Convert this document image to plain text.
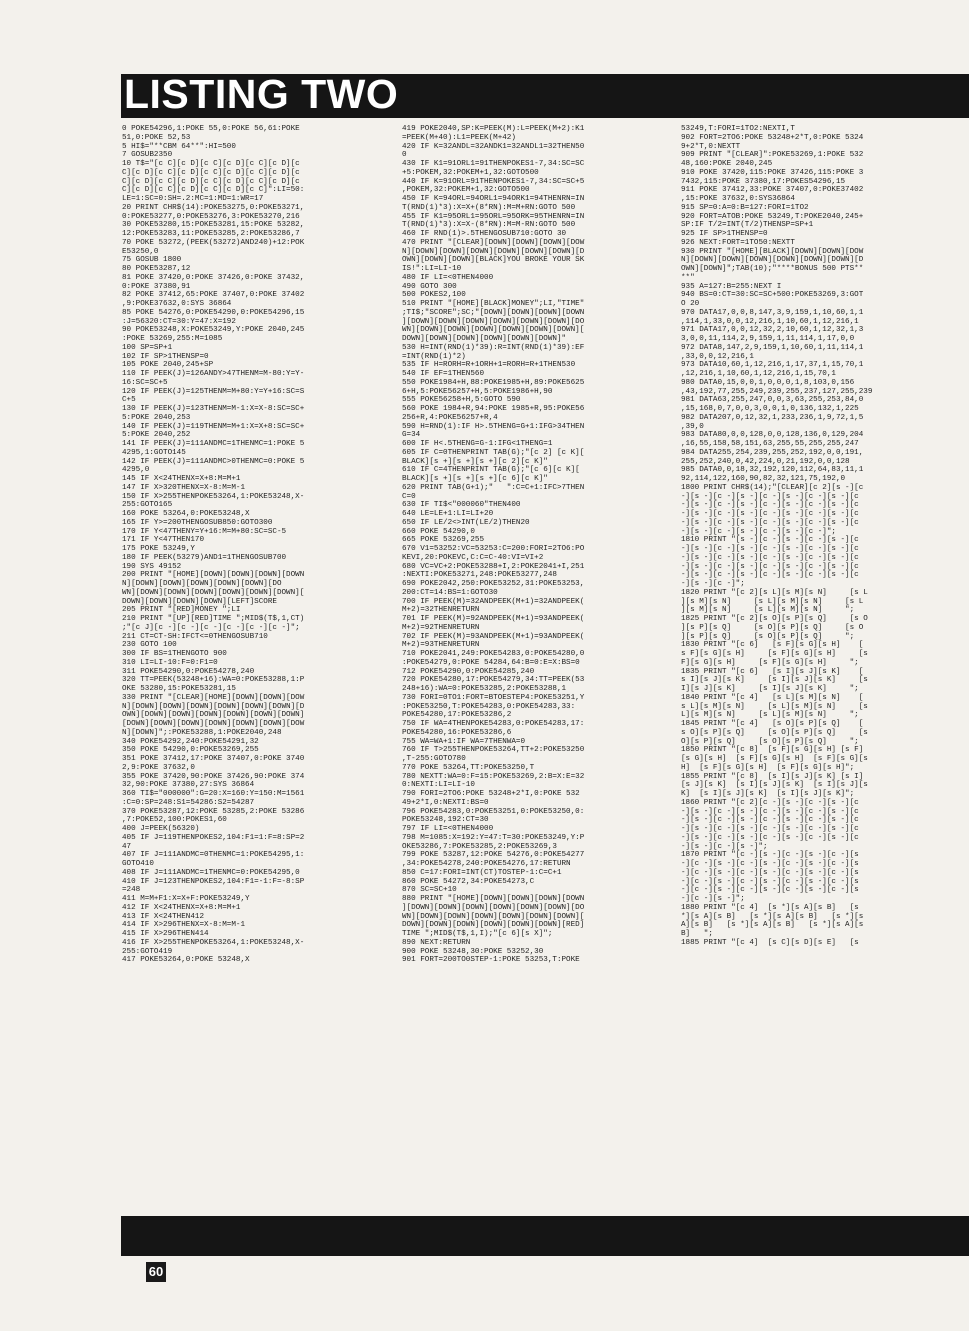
LISTING TWO
0 POKE54296,1:POKE 55,0:POKE 56,61:POKE
51,0:POKE 52,53
5 HI$="**CBM 64**":HI=500
7 GOSUB2350
10 T$="[c C][c D][c C][c D][c C][c D][c
C][c D][c C][c D][c C][c D][c C][c D][c
C][c D][c C][c D][c C][c D][c C][c D][c
C][c D][c C][c D][c C][c D][c C]":LI=50:
LE=1:SC=0:SH=.2:MC=1:MD=1:WR=17
20 PRINT CHR$(14):POKE53275,0:POKE53271,
0:POKE53277,0:POKE53276,3:POKE53270,216
30 POKE53280,15:POKE53281,15:POKE 53282,
12:POKE53283,11:POKE53285,2:POKE53286,7
70 POKE 53272,(PEEK(53272)AND240)+12:POK
E53250,0
75 GOSUB 1800
80 POKE53287,12
81 POKE 37420,0:POKE 37426,0:POKE 37432,
0:POKE 37380,91
82 POKE 37412,65:POKE 37407,0:POKE 37402
,9:POKE37632,0:SYS 36864
85 POKE 54276,0:POKE54290,0:POKE54296,15
:J=56320:CT=30:Y=47:X=192
90 POKE53248,X:POKE53249,Y:POKE 2040,245
:POKE 53269,255:M=1085
100 SP=SP+1
102 IF SP>1THENSP=0
105 POKE 2040,245+SP
110 IF PEEK(J)=126ANDY>47THENM=M-80:Y=Y-
16:SC=SC+5
120 IF PEEK(J)=125THENM=M+80:Y=Y+16:SC=S
C+5
130 IF PEEK(J)=123THENM=M-1:X=X-8:SC=SC+
5:POKE 2040,253
140 IF PEEK(J)=119THENM=M+1:X=X+8:SC=SC+
5:POKE 2040,252
141 IF PEEK(J)=111ANDMC=1THENMC=1:POKE 5
4295,1:GOTO145
142 IF PEEK(J)=111ANDMC>0THENMC=0:POKE 5
4295,0
145 IF X<24THENX=X+8:M=M+1
147 IF X>320THENX=X-8:M=M-1
150 IF X>255THENPOKE53264,1:POKE53248,X-
255:GOTO165
160 POKE 53264,0:POKE53248,X
165 IF Y>=200THENGOSUB850:GOTO300
170 IF Y<47THENY=Y+16:M=M+80:SC=SC-5
171 IF Y<47THEN170
175 POKE 53249,Y
180 IF PEEK(53279)AND1=1THENGOSUB700
190 SYS 49152
200 PRINT "[HOME][DOWN][DOWN][DOWN][DOWN
N][DOWN][DOWN][DOWN][DOWN][DOWN][DO
WN][DOWN][DOWN][DOWN][DOWN][DOWN][DOWN][
DOWN][DOWN][DOWN][DOWN][LEFT]SCORE
205 PRINT "[RED]MONEY ";LI
210 PRINT "[UP][RED]TIME ";MID$(T$,1,CT)
;"[c J][c -][c -][c -][c -][c -][c -]";
211 CT=CT-SH:IFCT<=0THENGOSUB710
230 GOTO 100
300 IF BS=1THENGOTO 900
310 LI=LI-10:F=0:F1=0
311 POKE54290,0:POKE54278,240
320 TT=PEEK(53248+16):WA=0:POKE53288,1:P
OKE 53280,15:POKE53281,15
330 PRINT "[CLEAR][HOME][DOWN][DOWN][DOW
N][DOWN][DOWN][DOWN][DOWN][DOWN][DOWN][D
OWN][DOWN][DOWN][DOWN][DOWN][DOWN][DOWN]
[DOWN][DOWN][DOWN][DOWN][DOWN][DOWN][DOW
N][DOWN]";:POKE53288,1:POKE2040,248
340 POKE54292,240:POKE54291,32
350 POKE 54290,0:POKE53269,255
351 POKE 37412,17:POKE 37407,0:POKE 3740
2,9:POKE 37632,0
355 POKE 37420,90:POKE 37426,90:POKE 374
32,90:POKE 37380,27:SYS 36864
360 TI$="000000":G=20:X=160:Y=150:M=1561
:C=0:SP=248:S1=54286:S2=54287
370 POKE53287,12:POKE 53285,2:POKE 53286
,7:POKE52,100:POKES1,60
400 J=PEEK(56320)
405 IF J=119THENPOKES2,104:F1=1:F=8:SP=2
47
407 IF J=111ANDMC=0THENMC=1:POKE54295,1:
GOTO410
408 IF J=111ANDMC=1THENMC=0:POKE54295,0
410 IF J=123THENPOKES2,104:F1=-1:F=-8:SP
=248
411 M=M+F1:X=X+F:POKE53249,Y
412 IF X<24THENX=X+8:M=M+1
413 IF X<24THEN412
414 IF X>296THENX=X-8:M=M-1
415 IF X>296THEN414
416 IF X>255THENPOKE53264,1:POKE53248,X-
255:GOTO419
417 POKE53264,0:POKE 53248,X
419 POKE2040,SP:K=PEEK(M):L=PEEK(M+2):K1
=PEEK(M+40):L1=PEEK(M+42)
420 IF K=32ANDL=32ANDK1=32ANDL1=32THEN50
0
430 IF K1=91ORL1=91THENPOKES1-7,34:SC=SC
+5:POKEM,32:POKEM+1,32:GOTO500
440 IF K=91ORL=91THENPOKES1-7,34:SC=SC+5
,POKEM,32:POKEM+1,32:GOTO500
450 IF K=94ORL=94ORL1=94ORK1=94THENRN=IN
T(RND(1)*3):X=X+(8*RN):M=M+RN:GOTO 500
455 IF K1=95ORL1=95ORL=95ORK=95THENRN=IN
T(RND(1)*3):X=X-(8*RN):M=M-RN:GOTO 500
460 IF RND(1)>.5THENGOSUB710:GOTO 30
470 PRINT "[CLEAR][DOWN][DOWN][DOWN][DOW
N][DOWN][DOWN][DOWN][DOWN][DOWN][DOWN][D
OWN][DOWN][DOWN][BLACK]YOU BROKE YOUR SK
IS!":LI=LI-10
480 IF LI=<0THEN4000
490 GOTO 300
500 POKES2,100
510 PRINT "[HOME][BLACK]MONEY";LI,"TIME"
;TI$;"SCORE";SC;"[DOWN][DOWN][DOWN][DOWN
][DOWN][DOWN][DOWN][DOWN][DOWN][DOWN][DO
WN][DOWN][DOWN][DOWN][DOWN][DOWN][DOWN][
DOWN][DOWN][DOWN][DOWN][DOWN][DOWN]"
530 H=INT(RND(1)*39):R=INT(RND(1)*39):EF
=INT(RND(1)*2)
535 IF H=RORH=R+1ORH+1=RORH=R+1THEN530
540 IF EF=1THEN560
550 POKE1984+H,88:POKE1985+H,89:POKE5625
6+H,5:POKE56257+H,5:POKE1986+H,90
555 POKE56258+H,5:GOTO 590
560 POKE 1984+R,94:POKE 1985+R,95:POKE56
256+R,4:POKE56257+R,4
590 H=RND(1):IF H>.5THENG=G+1:IFG>34THEN
G=34
600 IF H<.5THENG=G-1:IFG<1THENG=1
605 IF C=0THENPRINT TAB(G);"[c 2] [c K][
BLACK][s +][s +][s +][c 2][c K]"
610 IF C=4THENPRINT TAB(G);"[c 6][c K][
BLACK][s +][s +][s +][c 6][c K]"
620 PRINT TAB(G+1);"   ":C=C+1:IFC>7THEN
C=0
630 IF TI$<"000060"THEN400
640 LE=LE+1:LI=LI+20
650 IF LE/2<>INT(LE/2)THEN20
660 POKE 54290,0
665 POKE 53269,255
670 V1=53252:VC=53253:C=200:FORI=2TO6:PO
KEVI,20:POKEVC,C:C=C-40:VI=VI+2
680 VC=VC+2:POKE53288+I,2:POKE2041+I,251
:NEXTI:POKE53271,248:POKE53277,248
690 POKE2042,250:POKE53252,31:POKE53253,
200:CT=14:BS=1:GOTO30
700 IF PEEK(M)=32ANDPEEK(M+1)=32ANDPEEK(
M+2)=32THENRETURN
701 IF PEEK(M)=92ANDPEEK(M+1)=93ANDPEEK(
M+2)=92THENRETURN
702 IF PEEK(M)=93ANDPEEK(M+1)=93ANDPEEK(
M+2)=93THENRETURN
710 POKE2041,249:POKE54283,0:POKE54280,0
:POKE54279,0:POKE 54284,64:B=0:E=X:BS=0
712 POKE54290,0:POKE54285,240
720 POKE54280,17:POKE54279,34:TT=PEEK(53
248+16):WA=0:POKE53285,2:POKE53288,1
730 FORI=0TO1:FORT=BTOESTEP4:POKE53251,Y
:POKE53250,T:POKE54283,0:POKE54283,33:
POKE54280,17:POKE53286,2
750 IF WA=4THENPOKE54283,0:POKE54283,17:
POKE54280,16:POKE53286,6
755 WA=WA+1:IF WA=7THENWA=0
760 IF T>255THENPOKE53264,TT+2:POKE53250
,T-255:GOTO780
770 POKE 53264,TT:POKE53250,T
780 NEXTT:WA=0:F=15:POKE53269,2:B=X:E=32
0:NEXTI:LI=LI-10
790 FORI=2TO6:POKE 53248+2*I,0:POKE 532
49+2*I,0:NEXTI:BS=0
796 POKE54283,0:POKE53251,0:POKE53250,0:
POKE53248,192:CT=30
797 IF LI=<0THEN4000
798 M=1085:X=192:Y=47:T=30:POKE53249,Y:P
OKE53286,7:POKE53285,2:POKE53269,3
799 POKE 53287,12:POKE 54276,0:POKE54277
,34:POKE54278,240:POKE54276,17:RETURN
850 C=17:FORI=INT(CT)TOSTEP-1:C=C+1
860 POKE 54272,34:POKE54273,C
870 SC=SC+10
880 PRINT "[HOME][DOWN][DOWN][DOWN][DOWN
][DOWN][DOWN][DOWN][DOWN][DOWN][DOWN][DO
WN][DOWN][DOWN][DOWN][DOWN][DOWN][DOWN][
DOWN][DOWN][DOWN][DOWN][DOWN][DOWN][RED]
TIME ";MID$(T$,1,I);"[c 6][s X]";
890 NEXT:RETURN
900 POKE 53248,30:POKE 53252,30
901 FORT=200TO0STEP-1:POKE 53253,T:POKE
53249,T:FORI=1TO2:NEXTI,T
902 FORT=2TO6:POKE 53248+2*T,0:POKE 5324
9+2*T,0:NEXTT
909 PRINT "[CLEAR]":POKE53269,1:POKE 532
48,160:POKE 2040,245
910 POKE 37420,115:POKE 37426,115:POKE 3
7432,115:POKE 37380,17:POKES54296,15
911 POKE 37412,33:POKE 37407,0:POKE37402
,15:POKE 37632,0:SYS36864
915 SP=0:A=0:B=127:FORI=1TO2
920 FORT=ATOB:POKE 53249,T:POKE2040,245+
SP:IF T/2=INT(T/2)THENSP=SP+1
925 IF SP>1THENSP=0
926 NEXT:FORT=1TO50:NEXTT
930 PRINT "[HOME][BLACK][DOWN][DOWN][DOW
N][DOWN][DOWN][DOWN][DOWN][DOWN][DOWN][D
OWN][DOWN]";TAB(10);"****BONUS 500 PTS**
**"
935 A=127:B=255:NEXT I
940 BS=0:CT=30:SC=SC+500:POKE53269,3:GOT
O 20
970 DATA17,0,0,8,147,3,9,159,1,10,60,1,1
,114,1,33,0,0,12,216,1,10,60,1,12,216,1
971 DATA17,0,0,12,32,2,10,60,1,12,32,1,3
3,0,0,11,114,2,9,159,1,11,114,1,17,0,0
972 DATA8,147,2,9,159,1,10,60,1,11,114,1
,33,0,0,12,216,1
973 DATA10,60,1,12,216,1,17,37,1,15,70,1
,12,216,1,10,60,1,12,216,1,15,70,1
980 DATA0,15,0,0,1,0,0,0,1,8,103,0,156
,43,192,77,255,249,239,255,237,127,255,239
981 DATA63,255,247,0,0,3,63,255,253,84,0
,15,168,0,7,0,0,3,0,0,1,0,136,132,1,225
982 DATA207,0,12,32,1,233,236,1,9,72,1,5
,39,0
983 DATA80,0,0,128,0,0,128,136,0,129,204
,16,55,158,58,151,63,255,55,255,255,247
984 DATA255,254,239,255,252,192,0,0,191,
255,252,240,0,42,224,0,21,192,0,0,128
985 DATA0,0,18,32,192,120,112,64,83,11,1
92,114,122,160,90,82,32,121,75,192,0
1800 PRINT CHR$(14);"[CLEAR][c 2][s -][c
-][s -][c -][s -][c -][s -][c -][s -][c
-][s -][c -][s -][c -][s -][c -][s -][c
-][s -][c -][s -][c -][s -][c -][s -][c
-][s -][c -][s -][c -][s -][c -][s -][c
-][s -][c -][s -][c -][s -][c -]";
1810 PRINT "[s -][c -][s -][c -][s -][c
-][s -][c -][s -][c -][s -][c -][s -][c
-][s -][c -][s -][c -][s -][c -][s -][c
-][s -][c -][s -][c -][s -][c -][s -][c
-][s -][c -][s -][c -][s -][c -][s -][c
-][s -][c -]";
1820 PRINT "[c 2][s L][s M][s N]     [s L
][s M][s N]     [s L][s M][s N]     [s L
][s M][s N]     [s L][s M][s N]     ";
1825 PRINT "[c 2][s O][s P][s Q]     [s O
][s P][s Q]     [s O][s P][s Q]     [s O
][s P][s Q]     [s O][s P][s Q]     ";
1830 PRINT "[c 6]   [s F][s G][s H]    [
s F][s G][s H]     [s F][s G][s H]     [s
F][s G][s H]     [s F][s G][s H]     ";
1835 PRINT "[c 6]   [s I][s J][s K]    [
s I][s J][s K]     [s I][s J][s K]     [s
I][s J][s K]     [s I][s J][s K]     ";
1840 PRINT "[c 4]   [s L][s M][s N]    [
s L][s M][s N]     [s L][s M][s N]     [s
L][s M][s N]     [s L][s M][s N]     ";
1845 PRINT "[c 4]   [s O][s P][s Q]    [
s O][s P][s Q]     [s O][s P][s Q]     [s
O][s P][s Q]     [s O][s P][s Q]     ";
1850 PRINT "[c 8]  [s F][s G][s H] [s F]
[s G][s H]  [s F][s G][s H]  [s F][s G][s
H]  [s F][s G][s H]  [s F][s G][s H]";
1855 PRINT "[c 8]  [s I][s J][s K] [s I]
[s J][s K]  [s I][s J][s K]  [s I][s J][s
K]  [s I][s J][s K]  [s I][s J][s K]";
1860 PRINT "[c 2][c -][s -][c -][s -][c
-][s -][c -][s -][c -][s -][c -][s -][c
-][s -][c -][s -][c -][s -][c -][s -][c
-][s -][c -][s -][c -][s -][c -][s -][c
-][s -][c -][s -][c -][s -][c -][s -][c
-][s -][c -][s -]";
1870 PRINT "[c -][s -][c -][s -][c -][s
-][c -][s -][c -][s -][c -][s -][c -][s
-][c -][s -][c -][s -][c -][s -][c -][s
-][c -][s -][c -][s -][c -][s -][c -][s
-][c -][s -][c -][s -][c -][s -][c -][s
-][c -][s -]";
1880 PRINT "[c 4]  [s *][s A][s B]   [s
*][s A][s B]   [s *][s A][s B]   [s *][s
A][s B]   [s *][s A][s B]   [s *][s A][s
B]   ";
1885 PRINT "[c 4]  [s C][s D][s E]   [s
60
